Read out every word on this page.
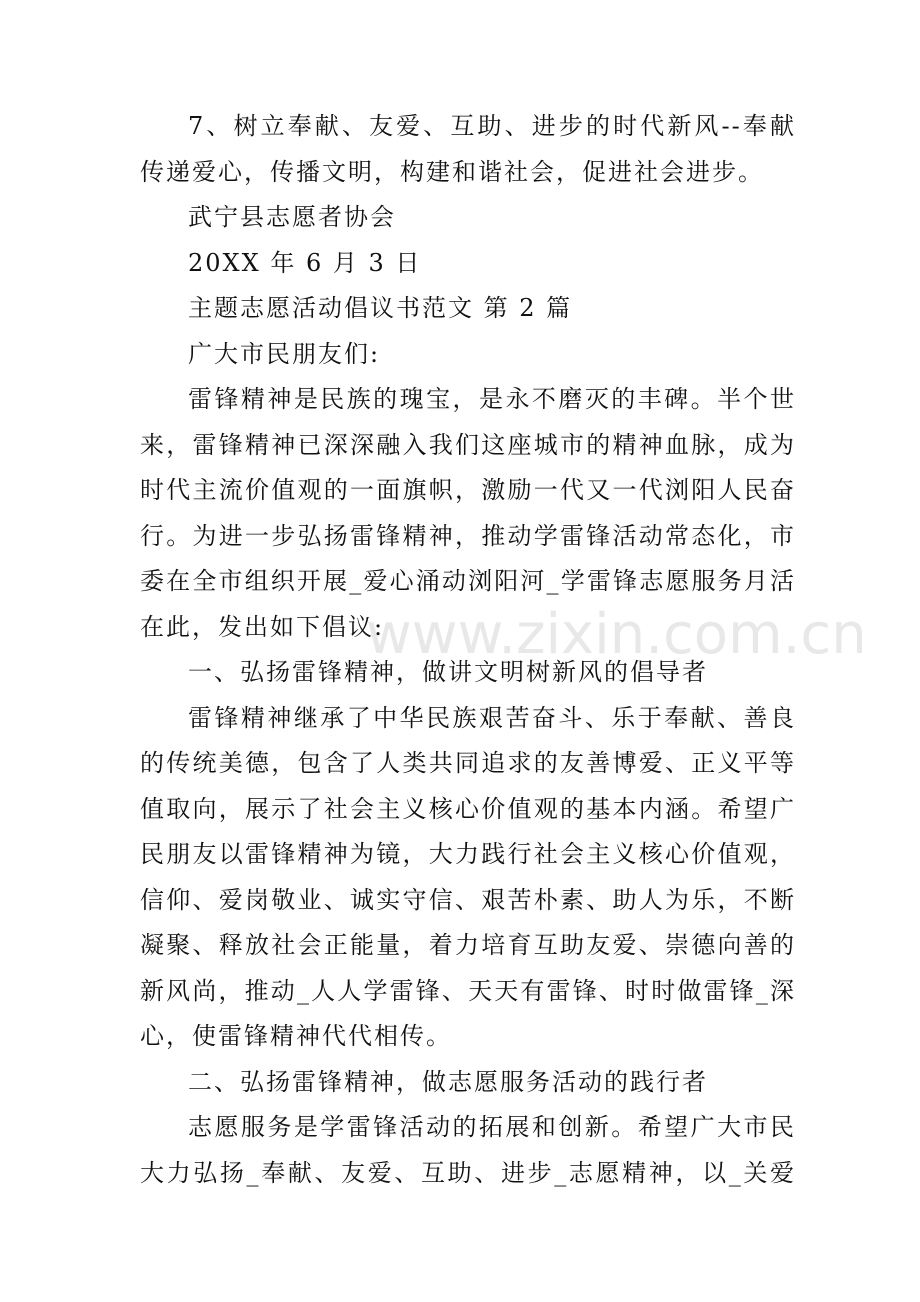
7、树立奉献、友爱、互助、进步的时代新风--奉献
传递爱心，传播文明，构建和谐社会，促进社会进步。
武宁县志愿者协会
20XX 年 6 月 3 日
主题志愿活动倡议书范文 第 2 篇
广大市民朋友们:
雷锋精神是民族的瑰宝，是永不磨灭的丰碑。半个世
来，雷锋精神已深深融入我们这座城市的精神血脉，成为
时代主流价值观的一面旗帜，激励一代又一代浏阳人民奋
行。为进一步弘扬雷锋精神，推动学雷锋活动常态化，市
委在全市组织开展_爱心涌动浏阳河_学雷锋志愿服务月活
在此，发出如下倡议:
一、弘扬雷锋精神，做讲文明树新风的倡导者
雷锋精神继承了中华民族艰苦奋斗、乐于奉献、善良
的传统美德，包含了人类共同追求的友善博爱、正义平等
值取向，展示了社会主义核心价值观的基本内涵。希望广
民朋友以雷锋精神为镜，大力践行社会主义核心价值观，
信仰、爱岗敬业、诚实守信、艰苦朴素、助人为乐，不断
凝聚、释放社会正能量，着力培育互助友爱、崇德向善的
新风尚，推动_人人学雷锋、天天有雷锋、时时做雷锋_深
心，使雷锋精神代代相传。
二、弘扬雷锋精神，做志愿服务活动的践行者
志愿服务是学雷锋活动的拓展和创新。希望广大市民
大力弘扬_奉献、友爱、互助、进步_志愿精神，以_关爱
www.zixin.com.cn
